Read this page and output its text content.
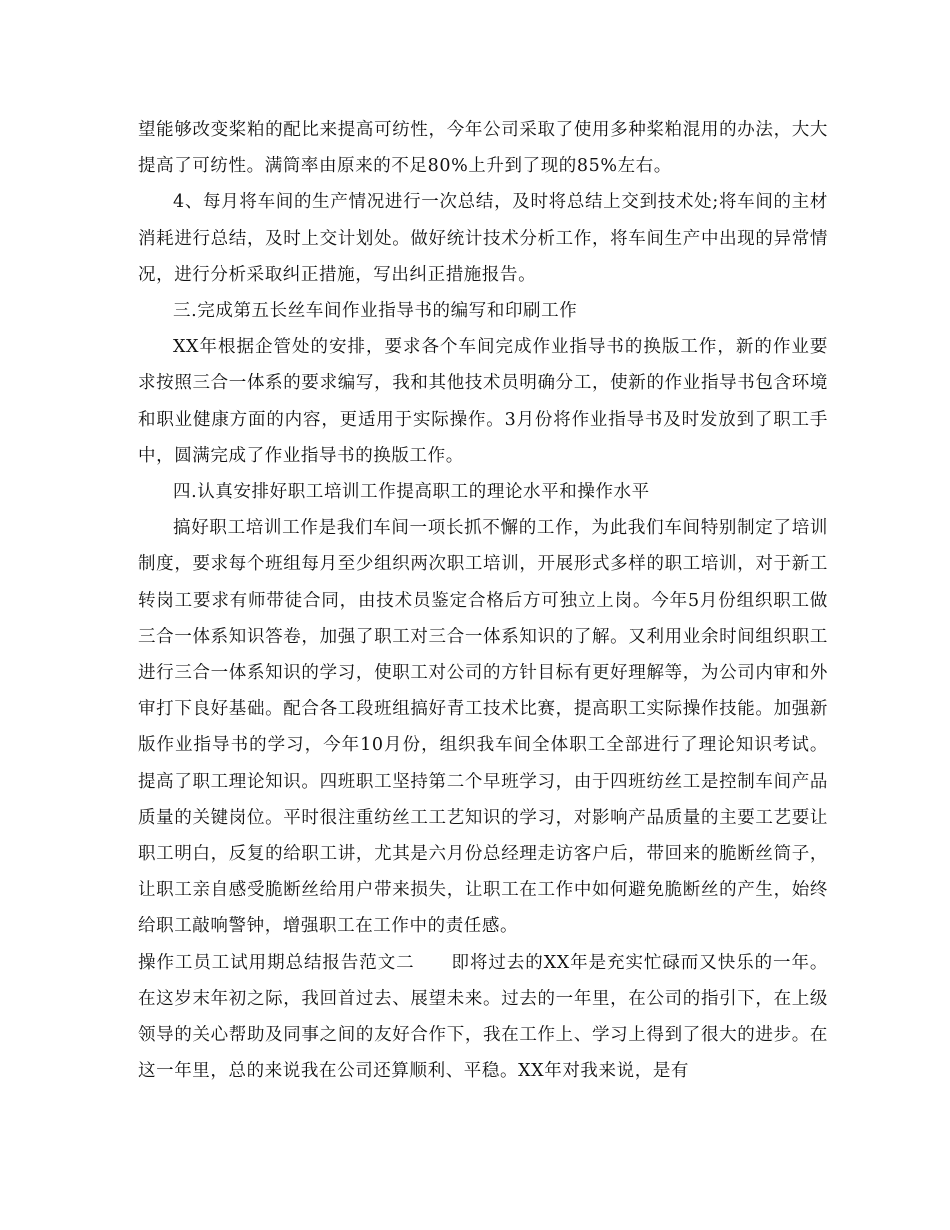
望能够改变桨粕的配比来提高可纺性，今年公司采取了使用多种桨粕混用的办法，大大提高了可纺性。满筒率由原来的不足80%上升到了现的85%左右。

4、每月将车间的生产情况进行一次总结，及时将总结上交到技术处;将车间的主材消耗进行总结，及时上交计划处。做好统计技术分析工作，将车间生产中出现的异常情况，进行分析采取纠正措施，写出纠正措施报告。

三.完成第五长丝车间作业指导书的编写和印刷工作

XX年根据企管处的安排，要求各个车间完成作业指导书的换版工作，新的作业要求按照三合一体系的要求编写，我和其他技术员明确分工，使新的作业指导书包含环境和职业健康方面的内容，更适用于实际操作。3月份将作业指导书及时发放到了职工手中，圆满完成了作业指导书的换版工作。

四.认真安排好职工培训工作提高职工的理论水平和操作水平

搞好职工培训工作是我们车间一项长抓不懈的工作，为此我们车间特别制定了培训制度，要求每个班组每月至少组织两次职工培训，开展形式多样的职工培训，对于新工转岗工要求有师带徒合同，由技术员鉴定合格后方可独立上岗。今年5月份组织职工做三合一体系知识答卷，加强了职工对三合一体系知识的了解。又利用业余时间组织职工进行三合一体系知识的学习，使职工对公司的方针目标有更好理解等，为公司内审和外审打下良好基础。配合各工段班组搞好青工技术比赛，提高职工实际操作技能。加强新版作业指导书的学习，今年10月份，组织我车间全体职工全部进行了理论知识考试。提高了职工理论知识。四班职工坚持第二个早班学习，由于四班纺丝工是控制车间产品质量的关键岗位。平时很注重纺丝工工艺知识的学习，对影响产品质量的主要工艺要让职工明白，反复的给职工讲，尤其是六月份总经理走访客户后，带回来的脆断丝筒子，让职工亲自感受脆断丝给用户带来损失，让职工在工作中如何避免脆断丝的产生，始终给职工敲响警钟，增强职工在工作中的责任感。

操作工员工试用期总结报告范文二　　即将过去的XX年是充实忙碌而又快乐的一年。在这岁末年初之际，我回首过去、展望未来。过去的一年里，在公司的指引下，在上级领导的关心帮助及同事之间的友好合作下，我在工作上、学习上得到了很大的进步。在这一年里，总的来说我在公司还算顺利、平稳。XX年对我来说，是有
